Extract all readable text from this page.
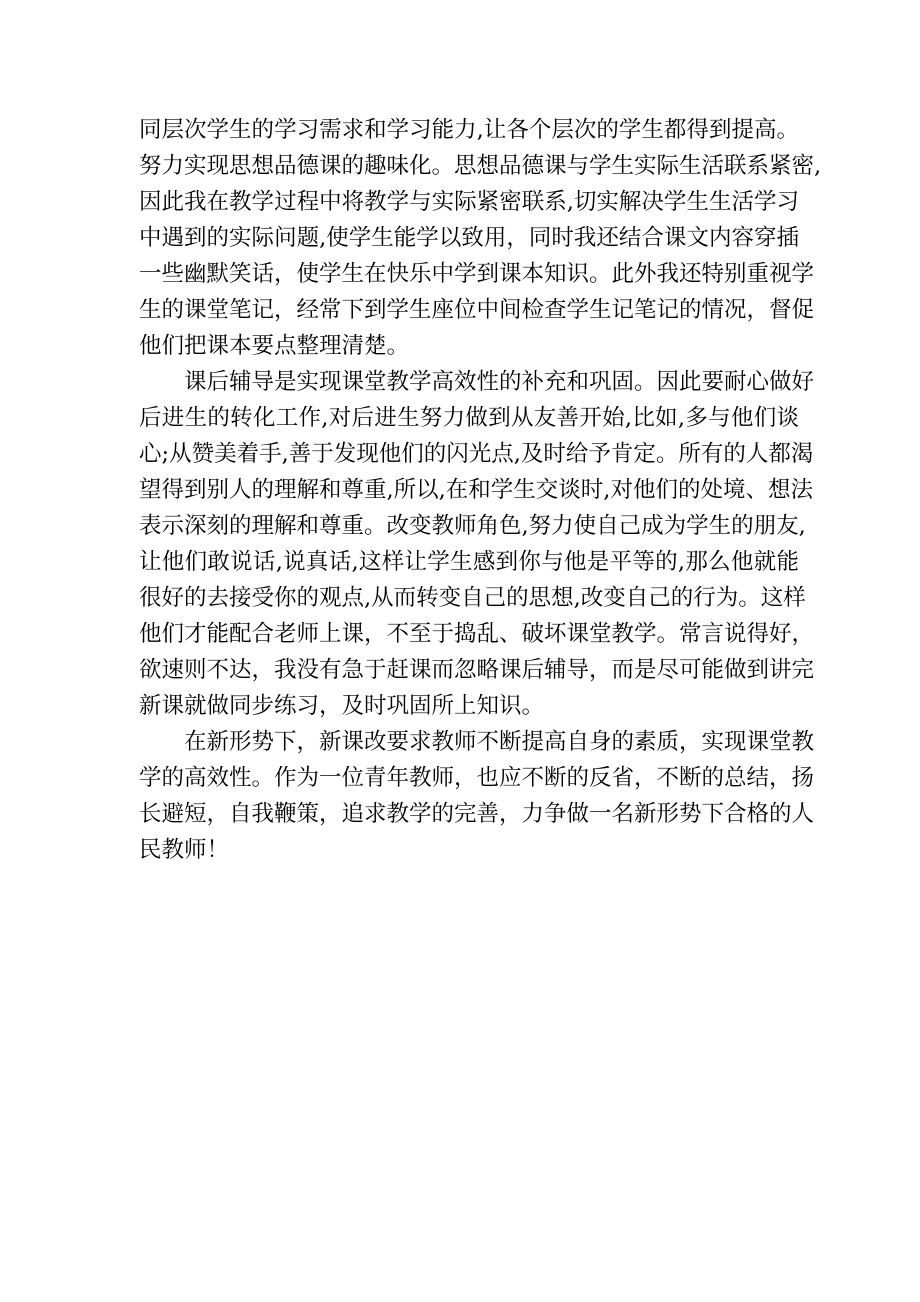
同层次学生的学习需求和学习能力,让各个层次的学生都得到提高。
努力实现思想品德课的趣味化。思想品德课与学生实际生活联系紧密,
因此我在教学过程中将教学与实际紧密联系,切实解决学生生活学习
中遇到的实际问题,使学生能学以致用，同时我还结合课文内容穿插
一些幽默笑话，使学生在快乐中学到课本知识。此外我还特别重视学
生的课堂笔记，经常下到学生座位中间检查学生记笔记的情况，督促
他们把课本要点整理清楚。
课后辅导是实现课堂教学高效性的补充和巩固。因此要耐心做好
后进生的转化工作,对后进生努力做到从友善开始,比如,多与他们谈
心;从赞美着手,善于发现他们的闪光点,及时给予肯定。所有的人都渴
望得到别人的理解和尊重,所以,在和学生交谈时,对他们的处境、想法
表示深刻的理解和尊重。改变教师角色,努力使自己成为学生的朋友,
让他们敢说话,说真话,这样让学生感到你与他是平等的,那么他就能
很好的去接受你的观点,从而转变自己的思想,改变自己的行为。这样
他们才能配合老师上课，不至于捣乱、破坏课堂教学。常言说得好，
欲速则不达，我没有急于赶课而忽略课后辅导，而是尽可能做到讲完
新课就做同步练习，及时巩固所上知识。
在新形势下，新课改要求教师不断提高自身的素质，实现课堂教
学的高效性。作为一位青年教师，也应不断的反省，不断的总结，扬
长避短，自我鞭策，追求教学的完善，力争做一名新形势下合格的人
民教师！
